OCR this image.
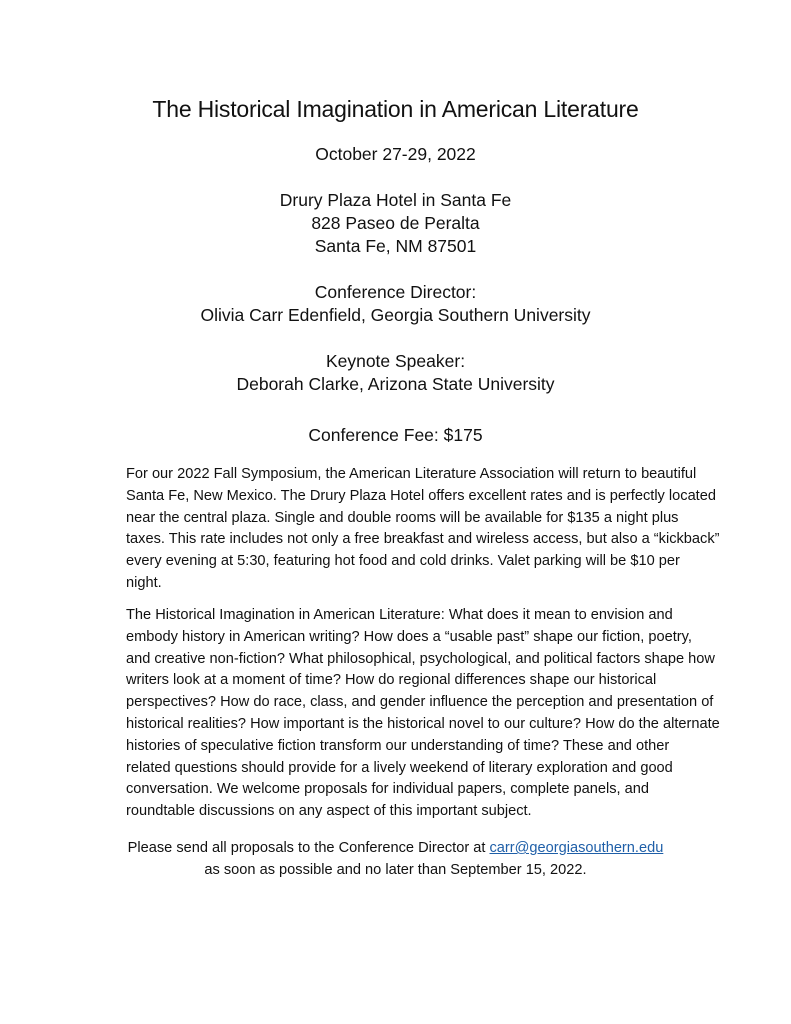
The Historical Imagination in American Literature
October 27-29, 2022
Drury Plaza Hotel in Santa Fe
828 Paseo de Peralta
Santa Fe, NM 87501
Conference Director:
Olivia Carr Edenfield, Georgia Southern University
Keynote Speaker:
Deborah Clarke, Arizona State University
Conference Fee: $175
For our 2022 Fall Symposium, the American Literature Association will return to beautiful
Santa Fe, New Mexico. The Drury Plaza Hotel offers excellent rates and is perfectly located
near the central plaza. Single and double rooms will be available for $135 a night plus
taxes. This rate includes not only a free breakfast and wireless access, but also a “kickback”
every evening at 5:30, featuring hot food and cold drinks. Valet parking will be $10 per
night.
The Historical Imagination in American Literature: What does it mean to envision and
embody history in American writing? How does a “usable past” shape our fiction, poetry,
and creative non-fiction? What philosophical, psychological, and political factors shape how
writers look at a moment of time? How do regional differences shape our historical
perspectives? How do race, class, and gender influence the perception and presentation of
historical realities? How important is the historical novel to our culture? How do the alternate
histories of speculative fiction transform our understanding of time? These and other
related questions should provide for a lively weekend of literary exploration and good
conversation. We welcome proposals for individual papers, complete panels, and
roundtable discussions on any aspect of this important subject.
Please send all proposals to the Conference Director at carr@georgiasouthern.edu
as soon as possible and no later than September 15, 2022.
